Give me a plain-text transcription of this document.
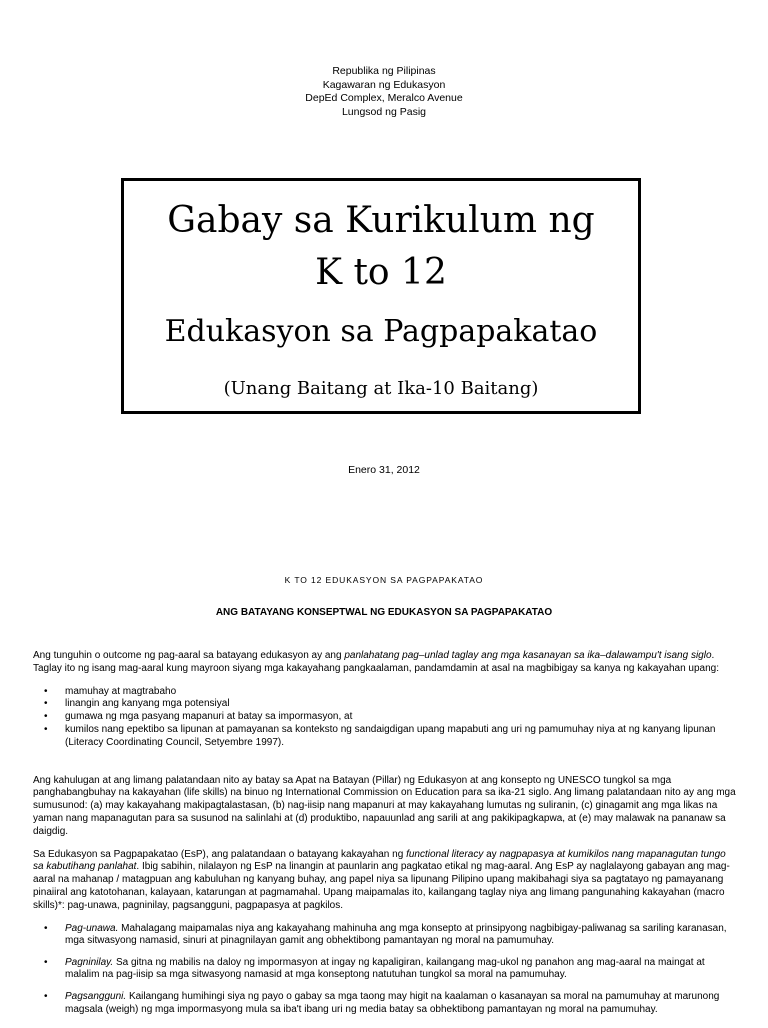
Republika ng Pilipinas
Kagawaran ng Edukasyon
DepEd Complex, Meralco Avenue
Lungsod ng Pasig
Gabay sa Kurikulum ng
K to 12
Edukasyon sa Pagpapakatao
(Unang Baitang at Ika-10 Baitang)
Enero 31, 2012
K TO 12 EDUKASYON SA PAGPAPAKATAO
ANG BATAYANG KONSEPTWAL NG EDUKASYON SA PAGPAPAKATAO

Ang tunguhin o outcome ng pag-aaral sa batayang edukasyon ay ang panlahatang pag–unlad taglay ang mga kasanayan sa ika–dalawampu't isang siglo. Taglay ito ng isang mag-aaral kung mayroon siyang mga kakayahang pangkaalaman, pandamdamin at asal na magbibigay sa kanya ng kakayahan upang:

• mamuhay at magtrabaho
• linangin ang kanyang mga potensiyal
• gumawa ng mga pasyang mapanuri at batay sa impormasyon, at
• kumilos nang epektibo sa lipunan at pamayanan sa konteksto ng sandaigdigan upang mapabuti ang uri ng pamumuhay niya at ng kanyang lipunan (Literacy Coordinating Council, Setyembre 1997).

Ang kahulugan at ang limang palatandaan nito ay batay sa Apat na Batayan (Pillar) ng Edukasyon at ang konsepto ng UNESCO tungkol sa mga panghabangbuhay na kakayahan (life skills) na binuo ng International Commission on Education para sa ika-21 siglo. Ang limang palatandaan nito ay ang mga sumusunod: (a) may kakayahang makipagtalastasan, (b) nag-iisip nang mapanuri at may kakayahang lumutas ng suliranin, (c) ginagamit ang mga likas na yaman nang mapanagutan para sa susunod na salinlahi at (d) produktibo, napauunlad ang sarili at ang pakikipagkapwa, at (e) may malawak na pananaw sa daigdig.

Sa Edukasyon sa Pagpapakatao (EsP), ang palatandaan o batayang kakayahan ng functional literacy ay nagpapasya at kumikilos nang mapanagutan tungo sa kabutihang panlahat. Ibig sabihin, nilalayon ng EsP na linangin at paunlarin ang pagkatao etikal ng mag-aaral. Ang EsP ay naglalayong gabayan ang mag-aaral na mahanap / matagpuan ang kabuluhan ng kanyang buhay, ang papel niya sa lipunang Pilipino upang makibahagi siya sa pagtatayo ng pamayanang pinaiiral ang katotohanan, kalayaan, katarungan at pagmamahal. Upang maipamalas ito, kailangang taglay niya ang limang pangunahing kakayahan (macro skills)*: pag-unawa, pagninilay, pagsangguni, pagpapasya at pagkilos.

• Pag-unawa. Mahalagang maipamalas niya ang kakayahang mahinuha ang mga konsepto at prinsipyong nagbibigay-paliwanag sa sariling karanasan, mga sitwasyong namasid, sinuri at pinagnilayan gamit ang obhektibong pamantayan ng moral na pamumuhay.
• Pagninilay. Sa gitna ng mabilis na daloy ng impormasyon at ingay ng kapaligiran, kailangang mag-ukol ng panahon ang mag-aaral na maingat at malalim na pag-iisip sa mga sitwasyong namasid at mga konseptong natutuhan tungkol sa moral na pamumuhay.
• Pagsangguni. Kailangang humihingi siya ng payo o gabay sa mga taong may higit na kaalaman o kasanayan sa moral na pamumuhay at marunong magsala (weigh) ng mga impormasyong mula sa iba't ibang uri ng media batay sa obhektibong pamantayan ng moral na pamumuhay.
